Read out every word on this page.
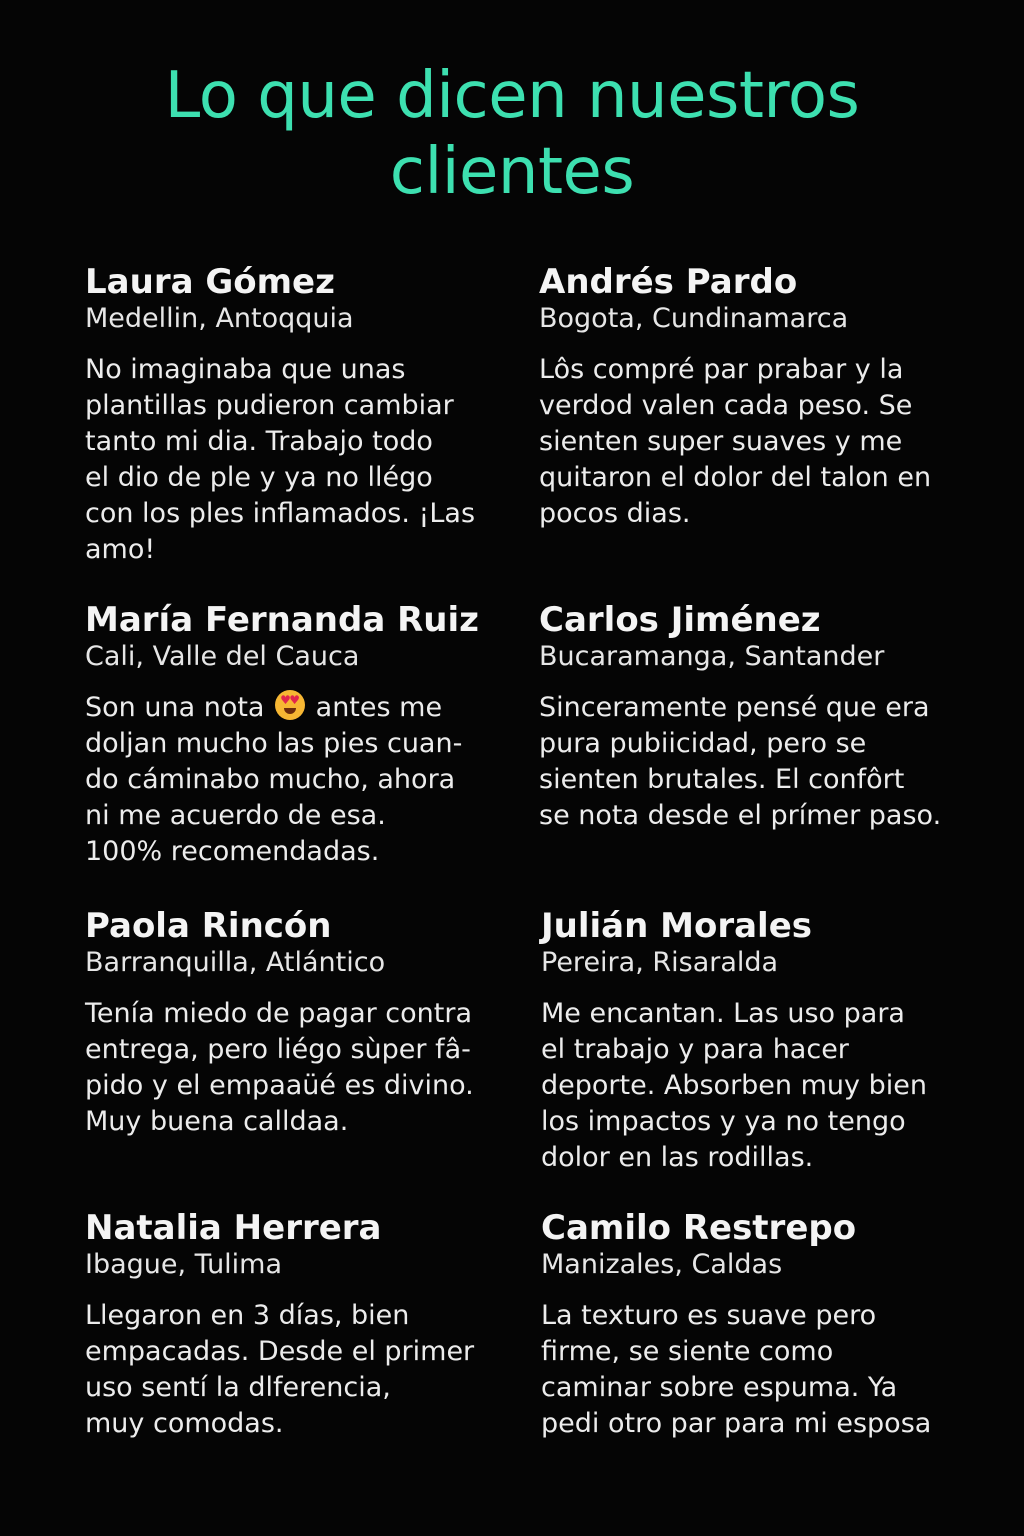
Lo que dicen nuestros clientes
Laura Gómez
Medellin, Antoqquia
No imaginaba que unas
plantillas pudieron cambiar
tanto mi dia. Trabajo todo
el dio de ple y ya no llégo
con los ples inflamados. ¡Las
amo!
Andrés Pardo
Bogota, Cundinamarca
Lôs compré par prabar y la
verdod valen cada peso. Se
sienten super suaves y me
quitaron el dolor del talon en
pocos dias.
María Fernanda Ruiz
Cali, Valle del Cauca
Son una nota ♥
♥ antes me
doljan mucho las pies cuan-
do cáminabo mucho, ahora
ni me acuerdo de esa.
100% recomendadas.
Carlos Jiménez
Bucaramanga, Santander
Sinceramente pensé que era
pura pubiicidad, pero se
sienten brutales. El confôrt
se nota desde el prímer paso.
Paola Rincón
Barranquilla, Atlántico
Tenía miedo de pagar contra
entrega, pero liégo sùper fâ-
pido y el empaaüé es divino.
Muy buena calldaa.
Julián Morales
Pereira, Risaralda
Me encantan. Las uso para
el trabajo y para hacer
deporte. Absorben muy bien
los impactos y ya no tengo
dolor en las rodillas.
Natalia Herrera
Ibague, Tulima
Llegaron en 3 días, bien
empacadas. Desde el primer
uso sentí la dlferencia,
muy comodas.
Camilo Restrepo
Manizales, Caldas
La texturo es suave pero
firme, se siente como
caminar sobre espuma. Ya
pedi otro par para mi esposa
